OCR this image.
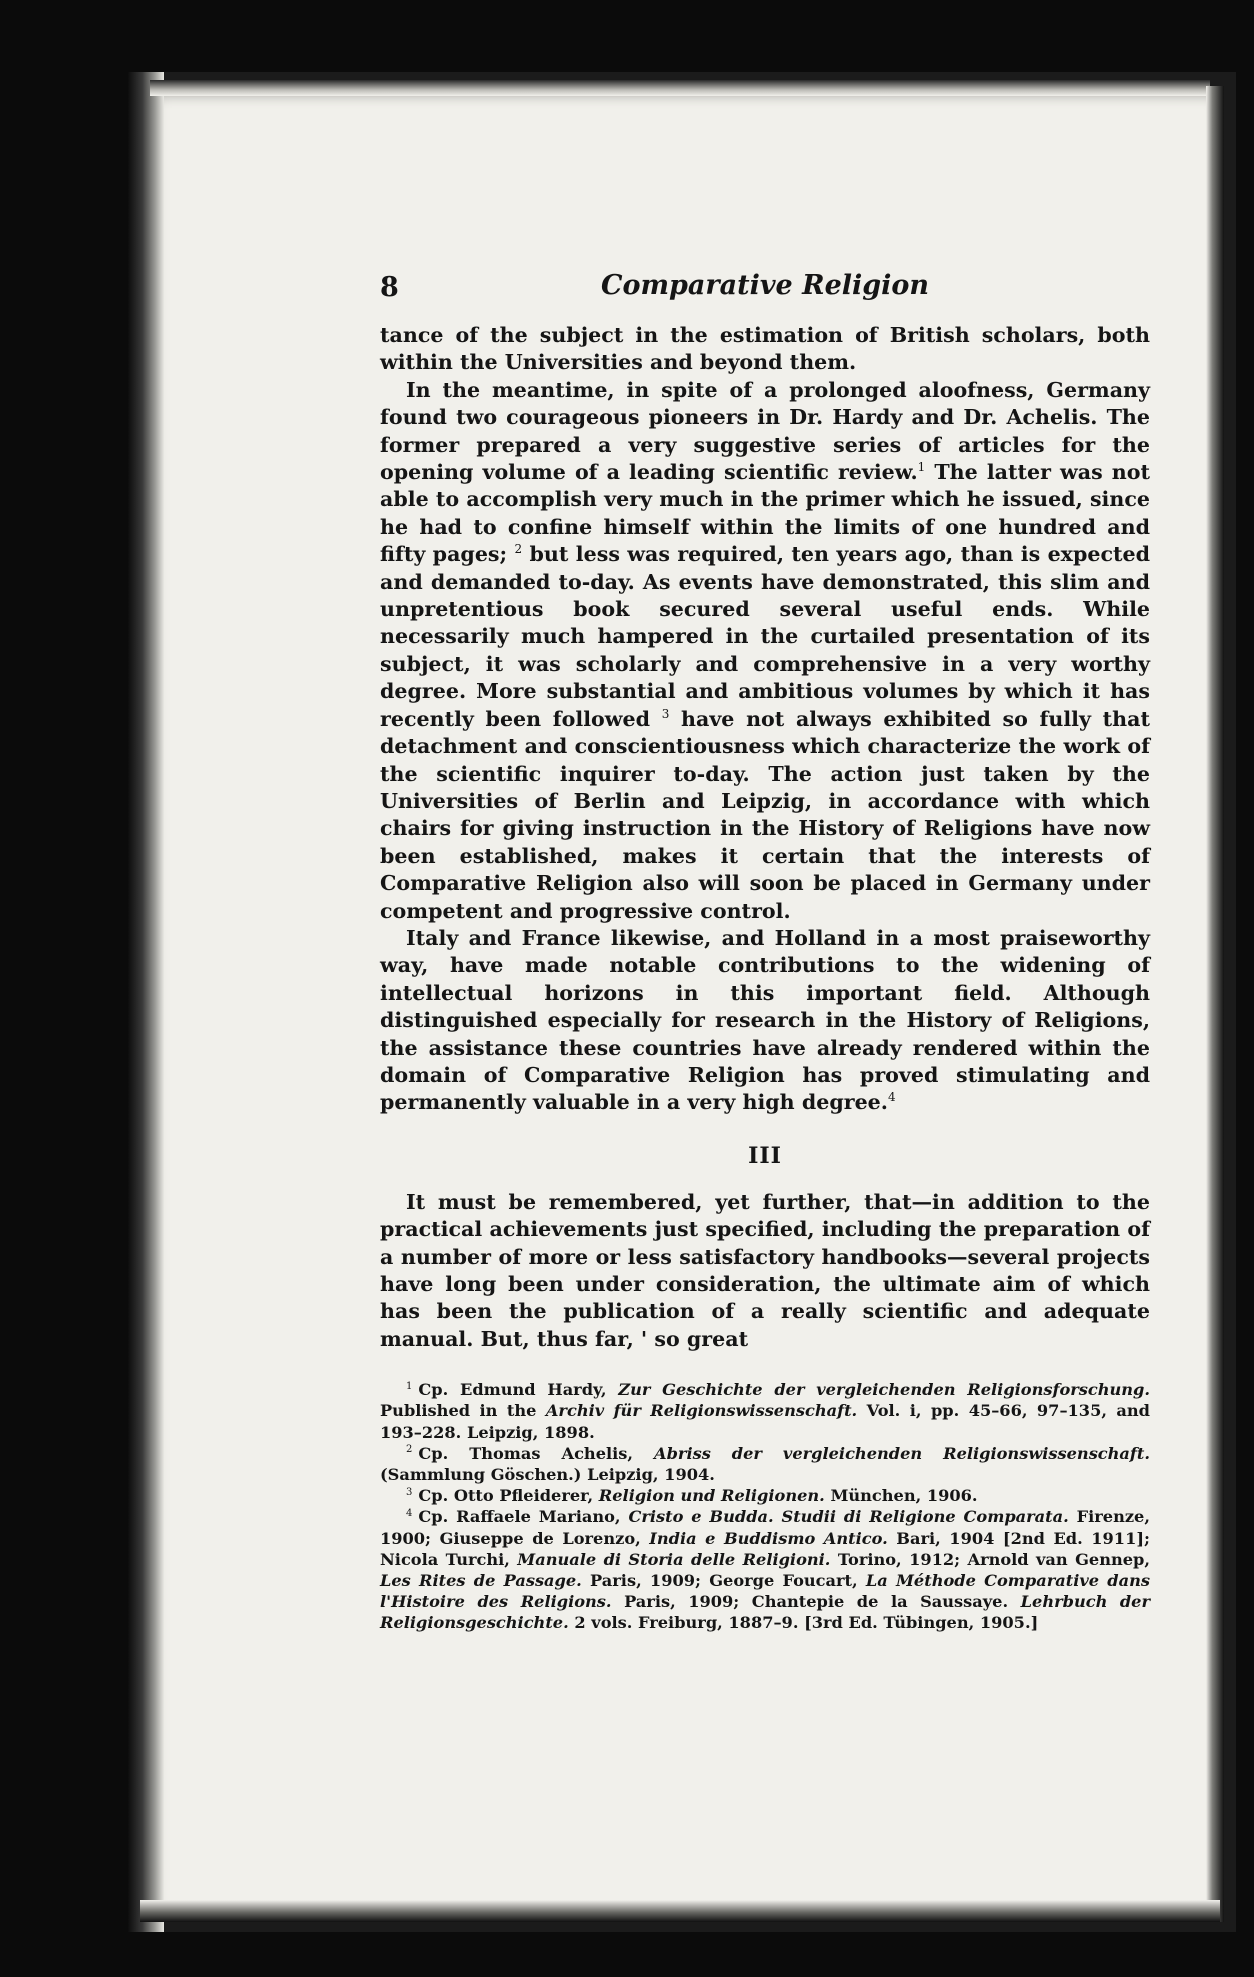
8	Comparative Religion

tance of the subject in the estimation of British scholars, both within the Universities and beyond them.

In the meantime, in spite of a prolonged aloofness, Germany found two courageous pioneers in Dr. Hardy and Dr. Achelis. The former prepared a very suggestive series of articles for the opening volume of a leading scientific review.$^1$ The latter was not able to accomplish very much in the primer which he issued, since he had to confine himself within the limits of one hundred and fifty pages; $^2$ but less was required, ten years ago, than is expected and demanded to-day. As events have demonstrated, this slim and unpretentious book secured several useful ends. While necessarily much hampered in the curtailed presentation of its subject, it was scholarly and comprehensive in a very worthy degree. More substantial and ambitious volumes by which it has recently been followed $^3$ have not always exhibited so fully that detachment and conscientiousness which characterize the work of the scientific inquirer to-day. The action just taken by the Universities of Berlin and Leipzig, in accordance with which chairs for giving instruction in the History of Religions have now been established, makes it certain that the interests of Comparative Religion also will soon be placed in Germany under competent and progressive control.

Italy and France likewise, and Holland in a most praiseworthy way, have made notable contributions to the widening of intellectual horizons in this important field. Although distinguished especially for research in the History of Religions, the assistance these countries have already rendered within the domain of Comparative Religion has proved stimulating and permanently valuable in a very high degree.$^4$

III

It must be remembered, yet further, that—in addition to the practical achievements just specified, including the preparation of a number of more or less satisfactory handbooks—several projects have long been under consideration, the ultimate aim of which has been the publication of a really scientific and adequate manual. But, thus far, ' so great

$^1$ Cp. Edmund Hardy, Zur Geschichte der vergleichenden Religionsforschung. Published in the Archiv für Religionswissenschaft. Vol. i, pp. 45–66, 97–135, and 193–228. Leipzig, 1898.

$^2$ Cp. Thomas Achelis, Abriss der vergleichenden Religionswissenschaft. (Sammlung Göschen.) Leipzig, 1904.

$^3$ Cp. Otto Pfleiderer, Religion und Religionen. München, 1906.

$^4$ Cp. Raffaele Mariano, Cristo e Budda. Studii di Religione Comparata. Firenze, 1900; Giuseppe de Lorenzo, India e Buddismo Antico. Bari, 1904 [2nd Ed. 1911]; Nicola Turchi, Manuale di Storia delle Religioni. Torino, 1912; Arnold van Gennep, Les Rites de Passage. Paris, 1909; George Foucart, La Méthode Comparative dans l'Histoire des Religions. Paris, 1909; Chantepie de la Saussaye. Lehrbuch der Religionsgeschichte. 2 vols. Freiburg, 1887–9. [3rd Ed. Tübingen, 1905.]
